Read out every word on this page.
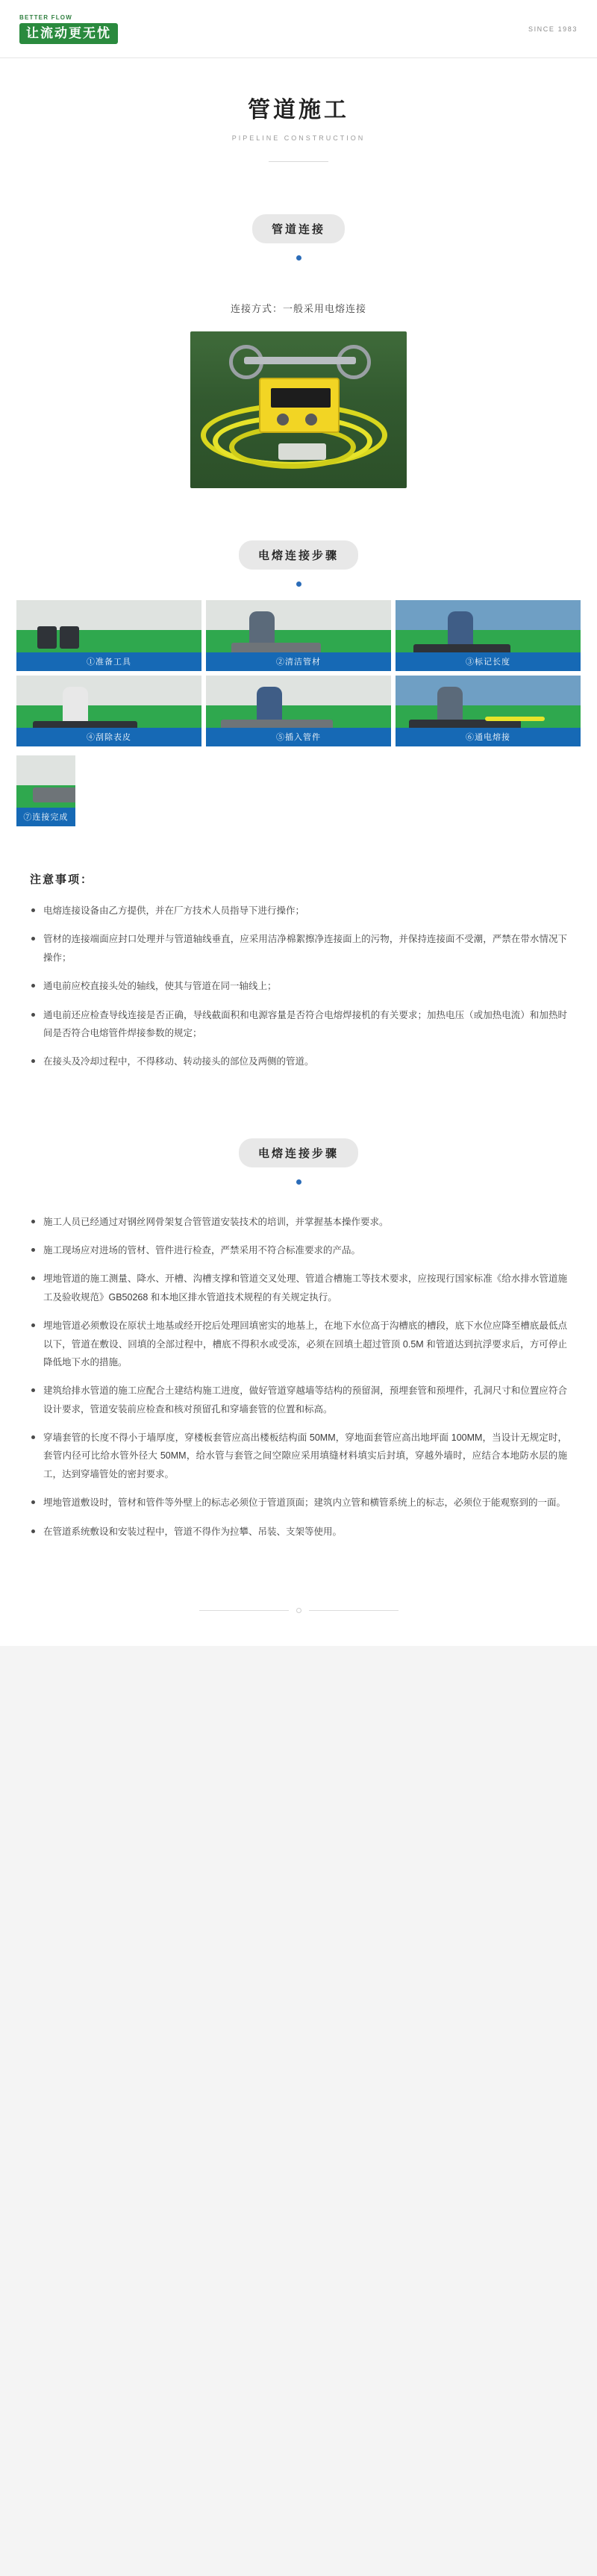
BETTER FLOW
让流动更无忧	SINCE 1983
管道施工
PIPELINE CONSTRUCTION
管道连接
连接方式：一般采用电熔连接
电熔连接步骤
①准备工具	②清洁管材	③标记长度
④刮除表皮	⑤插入管件	⑥通电熔接
⑦连接完成
注意事项：
电熔连接设备由乙方提供，并在厂方技术人员指导下进行操作；
管材的连接端面应封口处理并与管道轴线垂直，应采用洁净棉絮擦净连接面上的污物，并保持连接面不受潮，严禁在带水情况下操作；
通电前应校直接头处的轴线，使其与管道在同一轴线上；
通电前还应检查导线连接是否正确，导线截面积和电源容量是否符合电熔焊接机的有关要求；加热电压（或加热电流）和加热时间是否符合电熔管件焊接参数的规定；
在接头及冷却过程中，不得移动、转动接头的部位及两侧的管道。
电熔连接步骤
施工人员已经通过对钢丝网骨架复合管管道安装技术的培训，并掌握基本操作要求。
施工现场应对进场的管材、管件进行检查，严禁采用不符合标准要求的产品。
埋地管道的施工测量、降水、开槽、沟槽支撑和管道交叉处理、管道合槽施工等技术要求，应按现行国家标准《给水排水管道施工及验收规范》GB50268 和本地区排水管道技术规程的有关规定执行。
埋地管道必须敷设在原状土地基或经开挖后处理回填密实的地基上，在地下水位高于沟槽底的槽段，底下水位应降至槽底最低点以下，管道在敷设、回填的全部过程中，槽底不得积水或受冻，必须在回填土超过管顶 0.5M 和管道达到抗浮要求后，方可停止降低地下水的措施。
建筑给排水管道的施工应配合土建结构施工进度，做好管道穿越墙等结构的预留洞，预埋套管和预埋件，孔洞尺寸和位置应符合设计要求，管道安装前应检查和核对预留孔和穿墙套管的位置和标高。
穿墙套管的长度不得小于墙厚度，穿楼板套管应高出楼板结构面 50MM，穿地面套管应高出地坪面 100MM，当设计无规定时，套管内径可比给水管外径大 50MM，给水管与套管之间空隙应采用填缝材料填实后封填，穿越外墙时，应结合本地防水层的施工，达到穿墙管处的密封要求。
埋地管道敷设时，管材和管件等外壁上的标志必须位于管道顶面；建筑内立管和横管系统上的标志，必须位于能观察到的一面。
在管道系统敷设和安装过程中，管道不得作为拉攀、吊装、支架等使用。
